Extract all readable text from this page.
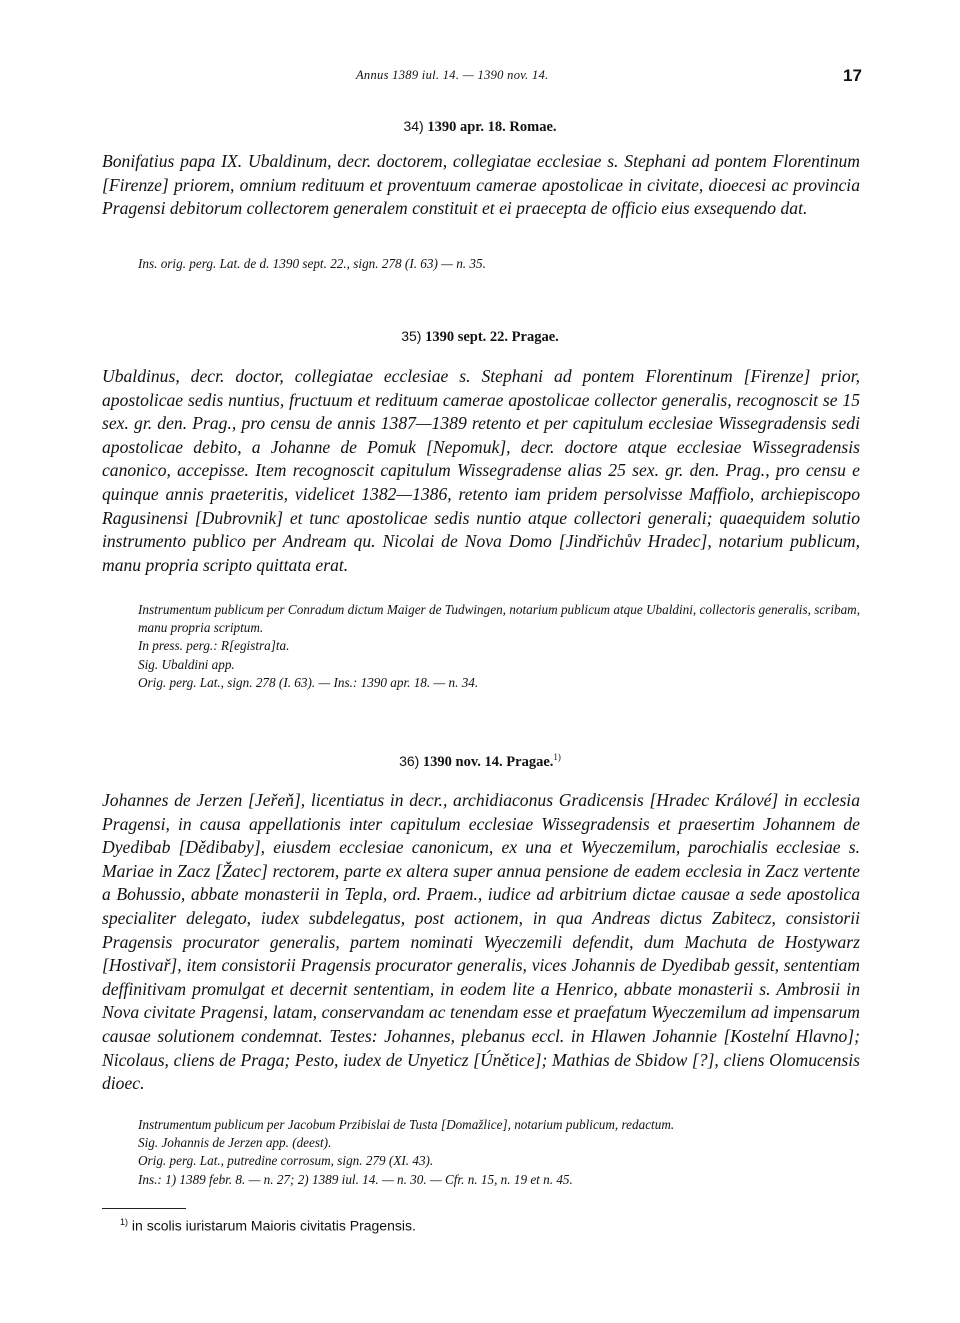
Annus 1389 iul. 14. — 1390 nov. 14.	17
34) 1390 apr. 18. Romae.

Bonifatius papa IX. Ubaldinum, decr. doctorem, collegiatae ecclesiae s. Stephani ad pontem Florentinum [Firenze] priorem, omnium redituum et proventuum camerae apostolicae in civitate, dioecesi ac provincia Pragensi debitorum collectorem generalem constituit et ei praecepta de officio eius exsequendo dat.

Ins. orig. perg. Lat. de d. 1390 sept. 22., sign. 278 (I. 63) — n. 35.

35) 1390 sept. 22. Pragae.

Ubaldinus, decr. doctor, collegiatae ecclesiae s. Stephani ad pontem Florentinum [Firenze] prior, apostolicae sedis nuntius, fructuum et redituum camerae apostolicae collector generalis, recognoscit se 15 sex. gr. den. Prag., pro censu de annis 1387—1389 retento et per capitulum ecclesiae Wissegradensis sedi apostolicae debito, a Johanne de Pomuk [Nepomuk], decr. doctore atque ecclesiae Wissegradensis canonico, accepisse. Item recognoscit capitulum Wissegradense alias 25 sex. gr. den. Prag., pro censu e quinque annis praeteritis, videlicet 1382—1386, retento iam pridem persolvisse Maffiolo, archiepiscopo Ragusinensi [Dubrovnik] et tunc apostolicae sedis nuntio atque collectori generali; quaequidem solutio instrumento publico per Andream qu. Nicolai de Nova Domo [Jindřichův Hradec], notarium publicum, manu propria scripto quittata erat.

Instrumentum publicum per Conradum dictum Maiger de Tudwingen, notarium publicum atque Ubaldini, collectoris generalis, scribam, manu propria scriptum.

In press. perg.: R[egistra]ta.

Sig. Ubaldini app.

Orig. perg. Lat., sign. 278 (I. 63). — Ins.: 1390 apr. 18. — n. 34.

36) 1390 nov. 14. Pragae.$^{1)}$

Johannes de Jerzen [Jeřeň], licentiatus in decr., archidiaconus Gradicensis [Hradec Králové] in ecclesia Pragensi, in causa appellationis inter capitulum ecclesiae Wissegradensis et praesertim Johannem de Dyedibab [Dědibaby], eiusdem ecclesiae canonicum, ex una et Wyeczemilum, parochialis ecclesiae s. Mariae in Zacz [Žatec] rectorem, parte ex altera super annua pensione de eadem ecclesia in Zacz vertente a Bohussio, abbate monasterii in Tepla, ord. Praem., iudice ad arbitrium dictae causae a sede apostolica specialiter delegato, iudex subdelegatus, post actionem, in qua Andreas dictus Zabitecz, consistorii Pragensis procurator generalis, partem nominati Wyeczemili defendit, dum Machuta de Hostywarz [Hostivař], item consistorii Pragensis procurator generalis, vices Johannis de Dyedibab gessit, sententiam deffinitivam promulgat et decernit sententiam, in eodem lite a Henrico, abbate monasterii s. Ambrosii in Nova civitate Pragensi, latam, conservandam ac tenendam esse et praefatum Wyeczemilum ad impensarum causae solutionem condemnat. Testes: Johannes, plebanus eccl. in Hlawen Johannie [Kostelní Hlavno]; Nicolaus, cliens de Praga; Pesto, iudex de Unyeticz [Únětice]; Mathias de Sbidow [?], cliens Olomucensis dioec.

Instrumentum publicum per Jacobum Przibislai de Tusta [Domažlice], notarium publicum, redactum.

Sig. Johannis de Jerzen app. (deest).

Orig. perg. Lat., putredine corrosum, sign. 279 (XI. 43).

Ins.: 1) 1389 febr. 8. — n. 27; 2) 1389 iul. 14. — n. 30. — Cfr. n. 15, n. 19 et n. 45.

$^{1)}$ in scolis iuristarum Maioris civitatis Pragensis.
